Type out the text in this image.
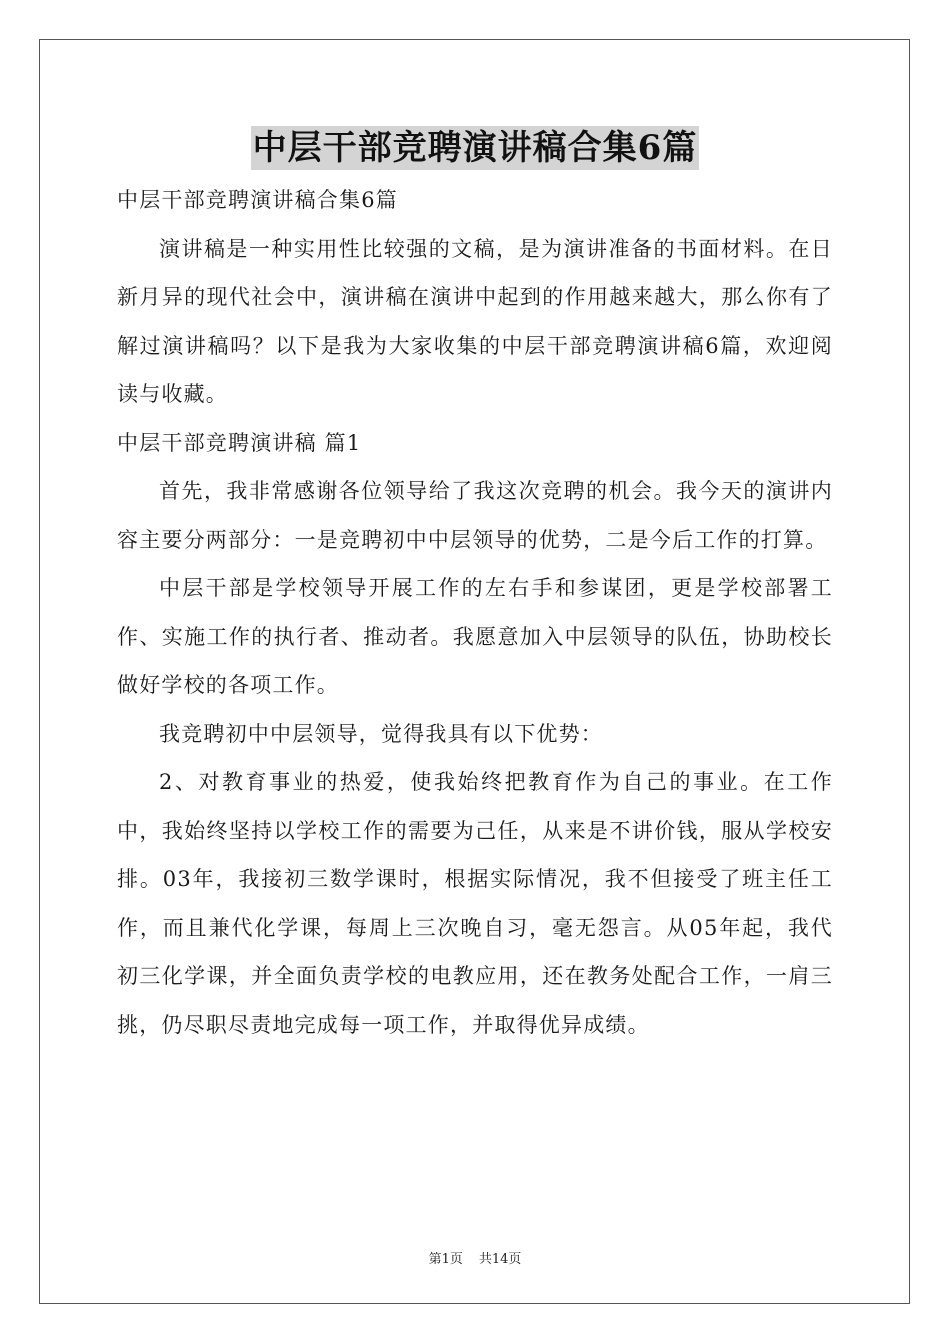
中层干部竞聘演讲稿合集6篇

中层干部竞聘演讲稿合集6篇

演讲稿是一种实用性比较强的文稿，是为演讲准备的书面材料。在日新月异的现代社会中，演讲稿在演讲中起到的作用越来越大，那么你有了解过演讲稿吗？以下是我为大家收集的中层干部竞聘演讲稿6篇，欢迎阅读与收藏。

中层干部竞聘演讲稿 篇1

首先，我非常感谢各位领导给了我这次竞聘的机会。我今天的演讲内容主要分两部分：一是竞聘初中中层领导的优势，二是今后工作的打算。

中层干部是学校领导开展工作的左右手和参谋团，更是学校部署工作、实施工作的执行者、推动者。我愿意加入中层领导的队伍，协助校长做好学校的各项工作。

我竞聘初中中层领导，觉得我具有以下优势：

2、对教育事业的热爱，使我始终把教育作为自己的事业。在工作中，我始终坚持以学校工作的需要为己任，从来是不讲价钱，服从学校安排。03年，我接初三数学课时，根据实际情况，我不但接受了班主任工作，而且兼代化学课，每周上三次晚自习，毫无怨言。从05年起，我代初三化学课，并全面负责学校的电教应用，还在教务处配合工作，一肩三挑，仍尽职尽责地完成每一项工作，并取得优异成绩。

第1页 共14页
